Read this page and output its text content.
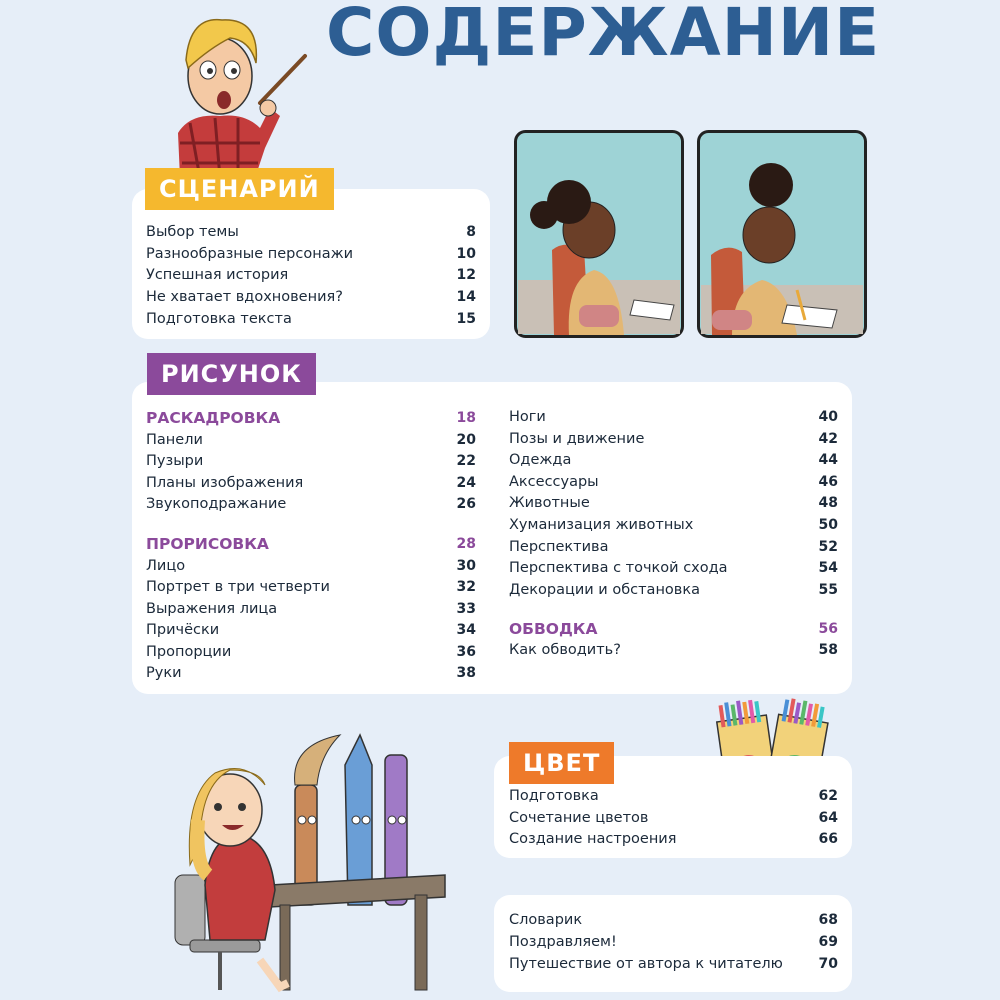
СОДЕРЖАНИЕ
СЦЕНАРИЙ
Выбор темы	8
Разнообразные персонажи	10
Успешная история	12
Не хватает вдохновения?	14
Подготовка текста	15
РИСУНОК
РАСКАДРОВКА	18
Панели	20
Пузыри	22
Планы изображения	24
Звукоподражание	26
ПРОРИСОВКА	28
Лицо	30
Портрет в три четверти	32
Выражения лица	33
Причёски	34
Пропорции	36
Руки	38
Ноги	40
Позы и движение	42
Одежда	44
Аксессуары	46
Животные	48
Хуманизация животных	50
Перспектива	52
Перспектива с точкой схода	54
Декорации и обстановка	55
ОБВОДКА	56
Как обводить?	58
ЦВЕТ
Подготовка	62
Сочетание цветов	64
Создание настроения	66
Словарик	68
Поздравляем!	69
Путешествие от автора к читателю	70
